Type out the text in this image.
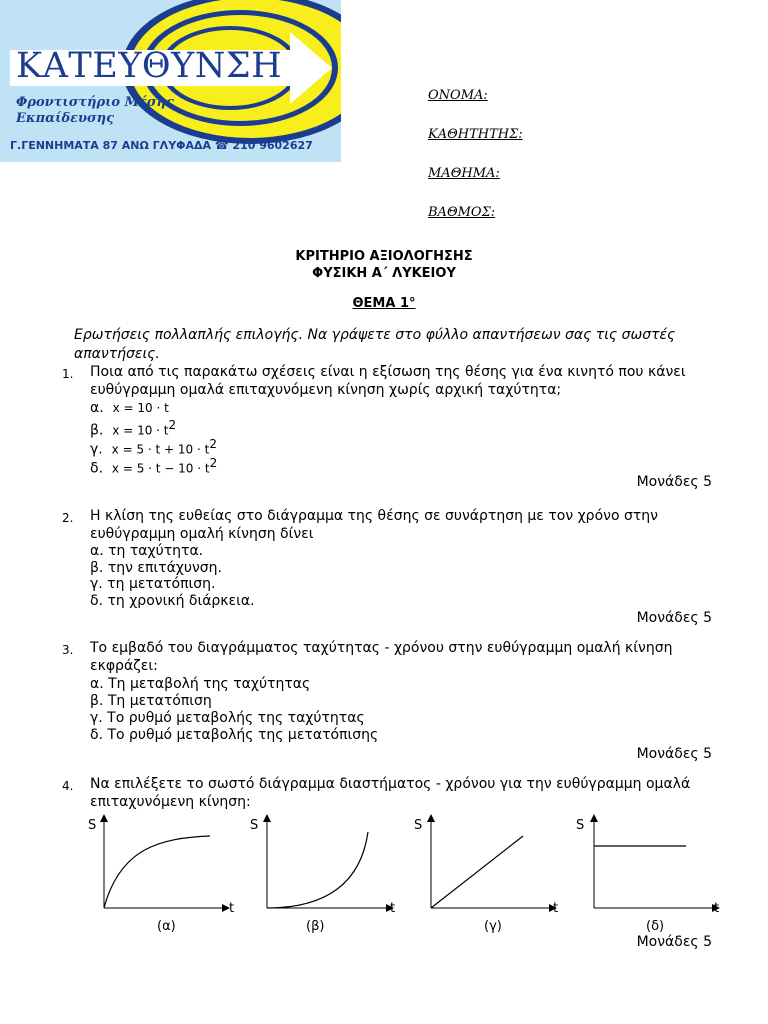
ΚΑΤΕΥΘΥΝΣΗ
Φροντιστήριο Μέσης
Εκπαίδευσης
Γ.ΓΕΝΝΗΜΑΤΑ 87 ΑΝΩ ΓΛΥΦΑΔΑ ☎ 210 9602627
ΟΝΟΜΑ:
ΚΑΘΗΤΗΤΗΣ:
ΜΑΘΗΜΑ:
ΒΑΘΜΟΣ:
ΚΡΙΤΗΡΙΟ ΑΞΙΟΛΟΓΗΣΗΣ
ΦΥΣΙΚΗ Α΄ ΛΥΚΕΙΟΥ
ΘΕΜΑ 1°
Ερωτήσεις πολλαπλής επιλογής. Να γράψετε στο φύλλο απαντήσεων σας τις σωστές απαντήσεις.
1. Ποια από τις παρακάτω σχέσεις είναι η εξίσωση της θέσης για ένα κινητό που κάνει ευθύγραμμη ομαλά επιταχυνόμενη κίνηση χωρίς αρχική ταχύτητα;
α. x = 10 · t
β. $x = 10 \cdot t^2$
γ. $x = 5 \cdot t + 10 \cdot t^2$
δ. $x = 5 \cdot t - 10 \cdot t^2$
Μονάδες 5
2. Η κλίση της ευθείας στο διάγραμμα της θέσης σε συνάρτηση με τον χρόνο στην ευθύγραμμη ομαλή κίνηση δίνει
α. τη ταχύτητα.
β. την επιτάχυνση.
γ. τη μετατόπιση.
δ. τη χρονική διάρκεια.
Μονάδες 5
3. Το εμβαδό του διαγράμματος ταχύτητας - χρόνου στην ευθύγραμμη ομαλή κίνηση εκφράζει:
α. Τη μεταβολή της ταχύτητας
β. Τη μετατόπιση
γ. Το ρυθμό μεταβολής της ταχύτητας
δ. Το ρυθμό μεταβολής της μετατόπισης
Μονάδες 5
4. Να επιλέξετε το σωστό διάγραμμα διαστήματος - χρόνου για την ευθύγραμμη ομαλά επιταχυνόμενη κίνηση:
S
t
(α)
S
t
(β)
S
t
(γ)
S
t
(δ)
Μονάδες 5
